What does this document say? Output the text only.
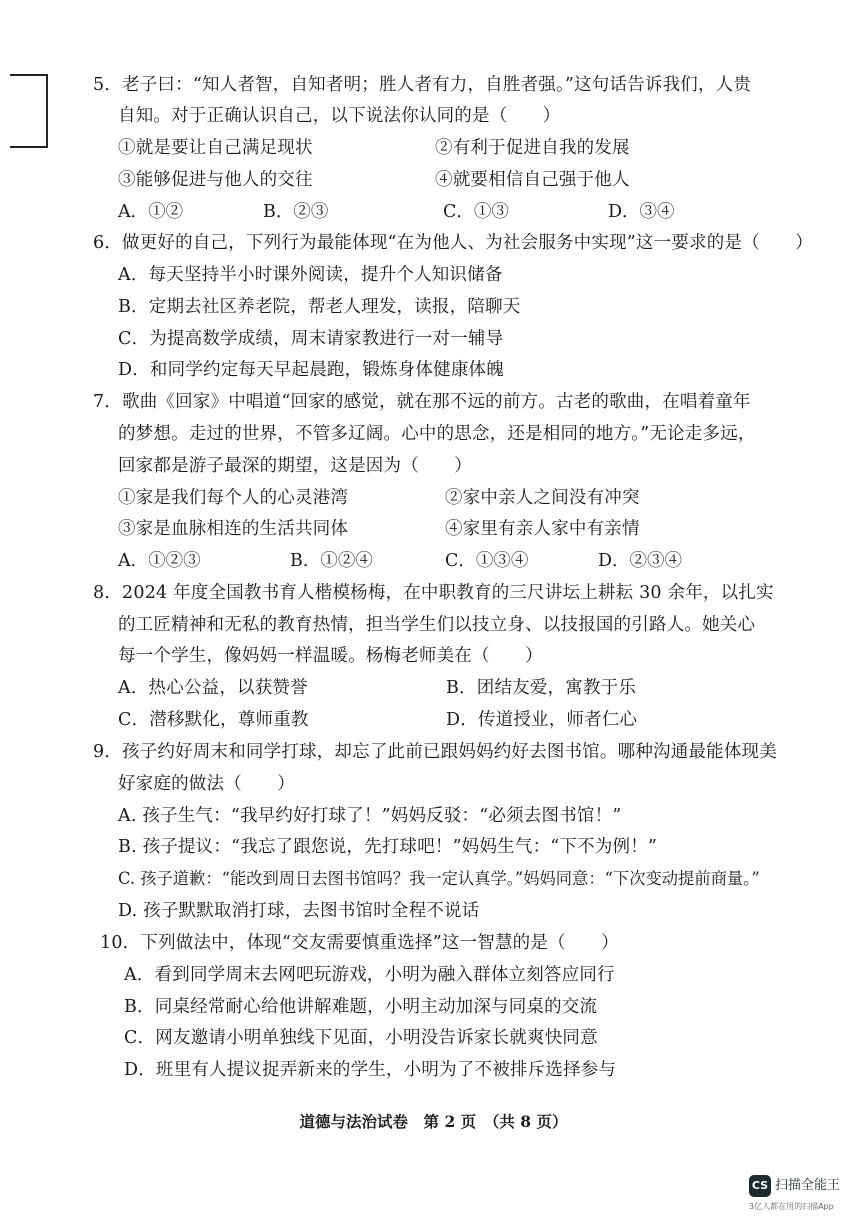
5．老子曰：“知人者智，自知者明；胜人者有力，自胜者强。”这句话告诉我们，人贵
自知。对于正确认识自己，以下说法你认同的是（　　）
①就是要让自己满足现状	②有利于促进自我的发展
③能够促进与他人的交往	④就要相信自己强于他人
A．①②	B．②③	C．①③	D．③④
6．做更好的自己，下列行为最能体现“在为他人、为社会服务中实现”这一要求的是（　　）
A．每天坚持半小时课外阅读，提升个人知识储备
B．定期去社区养老院，帮老人理发，读报，陪聊天
C．为提高数学成绩，周末请家教进行一对一辅导
D．和同学约定每天早起晨跑，锻炼身体健康体魄
7．歌曲《回家》中唱道“回家的感觉，就在那不远的前方。古老的歌曲，在唱着童年
的梦想。走过的世界，不管多辽阔。心中的思念，还是相同的地方。”无论走多远，
回家都是游子最深的期望，这是因为（　　）
①家是我们每个人的心灵港湾	②家中亲人之间没有冲突
③家是血脉相连的生活共同体	④家里有亲人家中有亲情
A．①②③	B．①②④	C．①③④	D．②③④
8．2024 年度全国教书育人楷模杨梅，在中职教育的三尺讲坛上耕耘 30 余年，以扎实
的工匠精神和无私的教育热情，担当学生们以技立身、以技报国的引路人。她关心
每一个学生，像妈妈一样温暖。杨梅老师美在（　　）
A．热心公益，以获赞誉	B．团结友爱，寓教于乐
C．潜移默化，尊师重教	D．传道授业，师者仁心
9．孩子约好周末和同学打球，却忘了此前已跟妈妈约好去图书馆。哪种沟通最能体现美
好家庭的做法（　　）
A. 孩子生气：“我早约好打球了！”妈妈反驳：“必须去图书馆！”
B. 孩子提议：“我忘了跟您说，先打球吧！”妈妈生气：“下不为例！”
C. 孩子道歉：“能改到周日去图书馆吗？我一定认真学。”妈妈同意：“下次变动提前商量。”
D. 孩子默默取消打球，去图书馆时全程不说话
10．下列做法中，体现“交友需要慎重选择”这一智慧的是（　　）
A．看到同学周末去网吧玩游戏，小明为融入群体立刻答应同行
B．同桌经常耐心给他讲解难题，小明主动加深与同桌的交流
C．网友邀请小明单独线下见面，小明没告诉家长就爽快同意
D．班里有人提议捉弄新来的学生，小明为了不被排斥选择参与
道德与法治试卷　第 2 页　（共 8 页）
CS 扫描全能王
3亿人都在用的扫描App
